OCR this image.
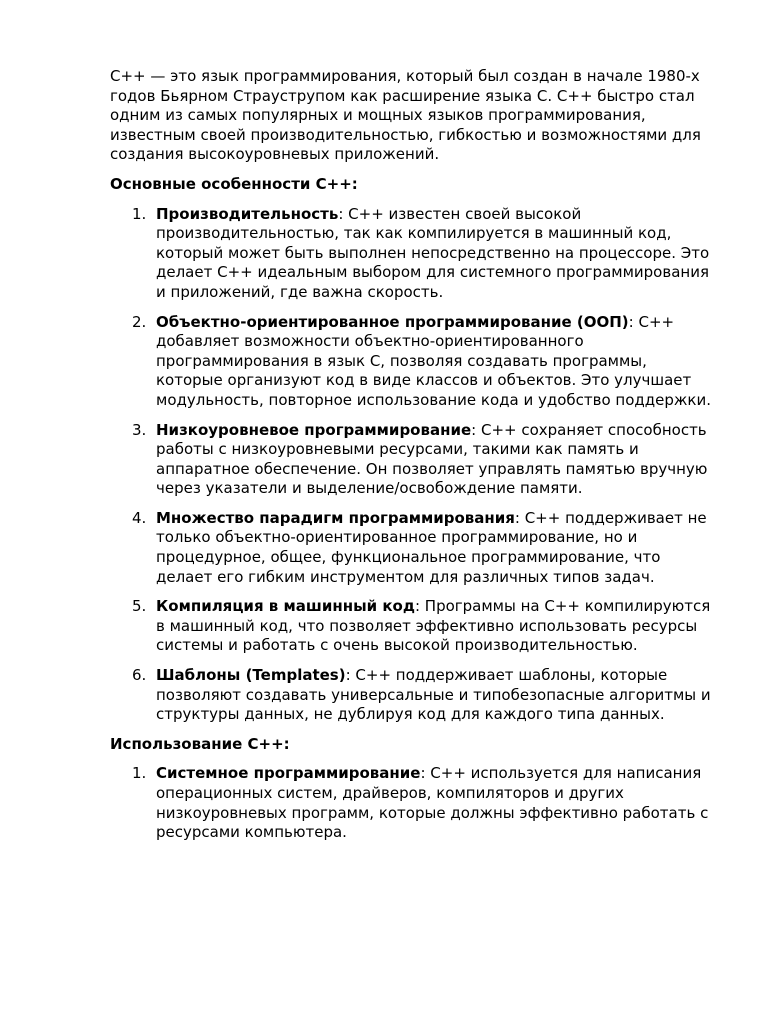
C++ — это язык программирования, который был создан в начале 1980-х годов Бьярном Страуструпом как расширение языка C. C++ быстро стал одним из самых популярных и мощных языков программирования, известным своей производительностью, гибкостью и возможностями для создания высокоуровневых приложений.

Основные особенности C++:

1. Производительность: C++ известен своей высокой производительностью, так как компилируется в машинный код, который может быть выполнен непосредственно на процессоре. Это делает C++ идеальным выбором для системного программирования и приложений, где важна скорость.
2. Объектно-ориентированное программирование (ООП): C++ добавляет возможности объектно-ориентированного программирования в язык C, позволяя создавать программы, которые организуют код в виде классов и объектов. Это улучшает модульность, повторное использование кода и удобство поддержки.
3. Низкоуровневое программирование: C++ сохраняет способность работы с низкоуровневыми ресурсами, такими как память и аппаратное обеспечение. Он позволяет управлять памятью вручную через указатели и выделение/освобождение памяти.
4. Множество парадигм программирования: C++ поддерживает не только объектно-ориентированное программирование, но и процедурное, общее, функциональное программирование, что делает его гибким инструментом для различных типов задач.
5. Компиляция в машинный код: Программы на C++ компилируются в машинный код, что позволяет эффективно использовать ресурсы системы и работать с очень высокой производительностью.
6. Шаблоны (Templates): C++ поддерживает шаблоны, которые позволяют создавать универсальные и типобезопасные алгоритмы и структуры данных, не дублируя код для каждого типа данных.

Использование C++:

1. Системное программирование: C++ используется для написания операционных систем, драйверов, компиляторов и других низкоуровневых программ, которые должны эффективно работать с ресурсами компьютера.
